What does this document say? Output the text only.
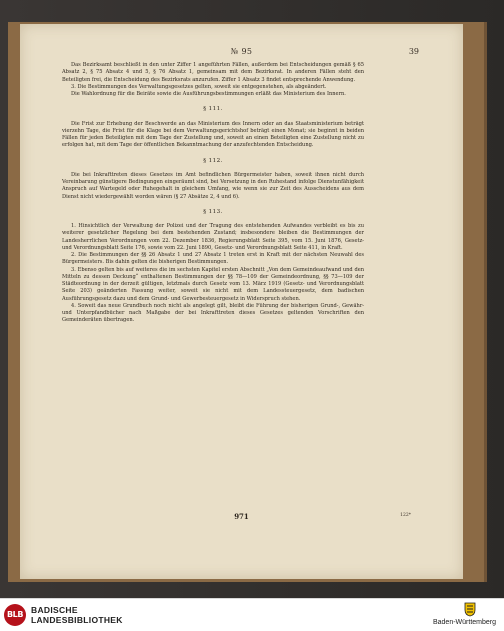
№ 95	39

Das Bezirksamt beschließt in den unter Ziffer 1 angeführten Fällen, außerdem bei Entscheidungen gemäß § 65 Absatz 2, § 75 Absatz 4 und 5, § 76 Absatz 1, gemeinsam mit dem Bezirksrat. In anderen Fällen steht den Beteiligten frei, die Entscheidung des Bezirksrats anzurufen. Ziffer 1 Absatz 3 findet entsprechende Anwendung.

3. Die Bestimmungen des Verwaltungsgesetzes gelten, soweit sie entgegenstehen, als abgeändert.

Die Wahlordnung für die Beiräte sowie die Ausführungsbestimmungen erläßt das Ministerium des Innern.

§ 111.

Die Frist zur Erhebung der Beschwerde an das Ministerium des Innern oder an das Staatsministerium beträgt vierzehn Tage, die Frist für die Klage bei dem Verwaltungsgerichtshof beträgt einen Monat; sie beginnt in beiden Fällen für jeden Beteiligten mit dem Tage der Zustellung und, soweit an einen Beteiligten eine Zustellung nicht zu erfolgen hat, mit dem Tage der öffentlichen Bekanntmachung der anzufechtenden Entscheidung.

§ 112.

Die bei Inkrafttreten dieses Gesetzes im Amt befindlichen Bürgermeister haben, soweit ihnen nicht durch Vereinbarung günstigere Bedingungen eingeräumt sind, bei Versetzung in den Ruhestand infolge Dienstunfähigkeit Anspruch auf Wartegeld oder Ruhegehalt in gleichem Umfang, wie wenn sie zur Zeit des Ausscheidens aus dem Dienst nicht wiedergewählt worden wären (§ 27 Absätze 2, 4 und 6).

§ 113.

1. Hinsichtlich der Verwaltung der Polizei und der Tragung des entstehenden Aufwandes verbleibt es bis zu weiterer gesetzlicher Regelung bei dem bestehenden Zustand; insbesondere bleiben die Bestimmungen der Landesherrlichen Verordnungen vom 22. Dezember 1836, Regierungsblatt Seite 395, vom 15. Juni 1876, Gesetz- und Verordnungsblatt Seite 176, sowie vom 22. Juni 1890, Gesetz- und Verordnungsblatt Seite 411, in Kraft.

2. Die Bestimmungen der §§ 26 Absatz 1 und 27 Absatz 1 treten erst in Kraft mit der nächsten Neuwahl des Bürgermeisters. Bis dahin gelten die bisherigen Bestimmungen.

3. Ebenso gelten bis auf weiteres die im sechsten Kapitel ersten Abschnitt „Von dem Gemeindeaufwand und den Mitteln zu dessen Deckung“ enthaltenen Bestimmungen der §§ 78—109 der Gemeindeordnung, §§ 73—109 der Städteordnung in der derzeit gültigen, letztmals durch Gesetz vom 13. März 1919 (Gesetz- und Verordnungsblatt Seite 203) geänderten Fassung weiter, soweit sie nicht mit dem Landessteuergesetz, dem badischen Ausführungsgesetz dazu und dem Grund- und Gewerbesteuergesetz in Widerspruch stehen.

4. Soweit das neue Grundbuch noch nicht als angelegt gilt, bleibt die Führung der bisherigen Grund-, Gewähr- und Unterpfandbücher nach Maßgabe der bei Inkrafttreten dieses Gesetzes geltenden Vorschriften den Gemeinderäten übertragen.

971	122*
BLB BADISCHE
LANDESBIBLIOTHEK	Baden-Württemberg
